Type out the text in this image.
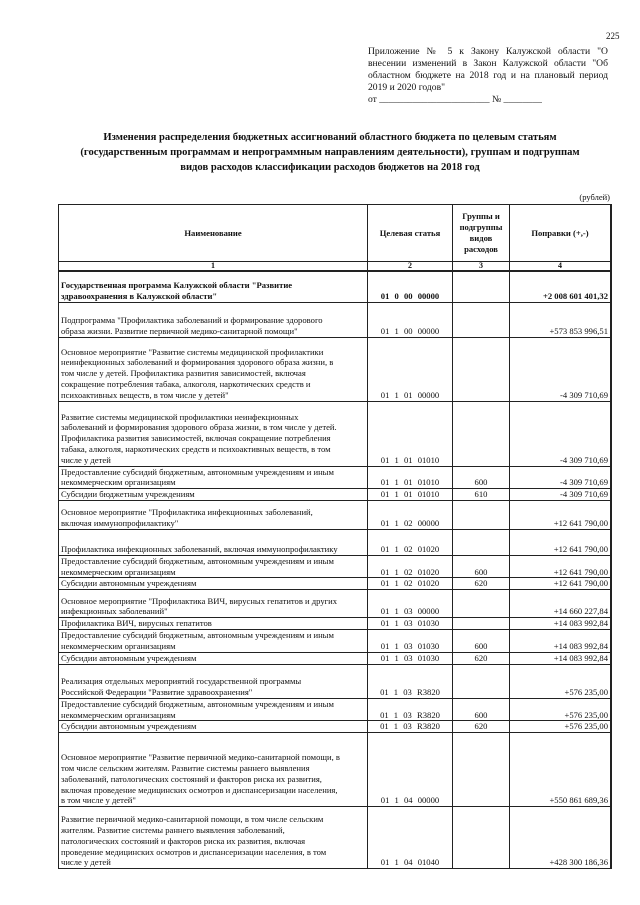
225
Приложение № 5 к Закону Калужской области "О внесении изменений в Закон Калужской области "Об областном бюджете на 2018 год и на плановый период 2019 и 2020 годов"
от _______________________ № ________
Изменения распределения бюджетных ассигнований областного бюджета по целевым статьям (государственным программам и непрограммным направлениям деятельности), группам и подгруппам видов расходов классификации расходов бюджетов на 2018 год
(рублей)
Наименование	Целевая статья	Группы и подгруппы видов расходов	Поправки (+,-)
1	2	3	4
Государственная программа Калужской области "Развитие
здравоохранения в Калужской области"	01 0 00 00000		+2 008 601 401,32
Подпрограмма "Профилактика заболеваний и формирование здорового
образа жизни. Развитие первичной медико-санитарной помощи"	01 1 00 00000		+573 853 996,51
Основное мероприятие "Развитие системы медицинской профилактики
неинфекционных заболеваний и формирования здорового образа жизни, в
том числе у детей. Профилактика развития зависимостей, включая
сокращение потребления табака, алкоголя, наркотических средств и
психоактивных веществ, в том числе у детей"	01 1 01 00000		-4 309 710,69
Развитие системы медицинской профилактики неинфекционных
заболеваний и формирования здорового образа жизни, в том числе у детей.
Профилактика развития зависимостей, включая сокращение потребления
табака, алкоголя, наркотических средств и психоактивных веществ, в том
числе у детей	01 1 01 01010		-4 309 710,69
Предоставление субсидий бюджетным, автономным учреждениям и иным
некоммерческим организациям	01 1 01 01010	600	-4 309 710,69
Субсидии бюджетным учреждениям	01 1 01 01010	610	-4 309 710,69
Основное мероприятие "Профилактика инфекционных заболеваний,
включая иммунопрофилактику"	01 1 02 00000		+12 641 790,00
Профилактика инфекционных заболеваний, включая иммунопрофилактику	01 1 02 01020		+12 641 790,00
Предоставление субсидий бюджетным, автономным учреждениям и иным
некоммерческим организациям	01 1 02 01020	600	+12 641 790,00
Субсидии автономным учреждениям	01 1 02 01020	620	+12 641 790,00
Основное мероприятие "Профилактика ВИЧ, вирусных гепатитов и других
инфекционных заболеваний"	01 1 03 00000		+14 660 227,84
Профилактика ВИЧ, вирусных гепатитов	01 1 03 01030		+14 083 992,84
Предоставление субсидий бюджетным, автономным учреждениям и иным
некоммерческим организациям	01 1 03 01030	600	+14 083 992,84
Субсидии автономным учреждениям	01 1 03 01030	620	+14 083 992,84
Реализация отдельных мероприятий государственной программы
Российской Федерации "Развитие здравоохранения"	01 1 03 R3820		+576 235,00
Предоставление субсидий бюджетным, автономным учреждениям и иным
некоммерческим организациям	01 1 03 R3820	600	+576 235,00
Субсидии автономным учреждениям	01 1 03 R3820	620	+576 235,00
Основное мероприятие "Развитие первичной медико-санитарной помощи, в
том числе сельским жителям. Развитие системы раннего выявления
заболеваний, патологических состояний и факторов риска их развития,
включая проведение медицинских осмотров и диспансеризации населения,
в том числе у детей"	01 1 04 00000		+550 861 689,36
Развитие первичной медико-санитарной помощи, в том числе сельским
жителям. Развитие системы раннего выявления заболеваний,
патологических состояний и факторов риска их развития, включая
проведение медицинских осмотров и диспансеризации населения, в том
числе у детей	01 1 04 01040		+428 300 186,36
